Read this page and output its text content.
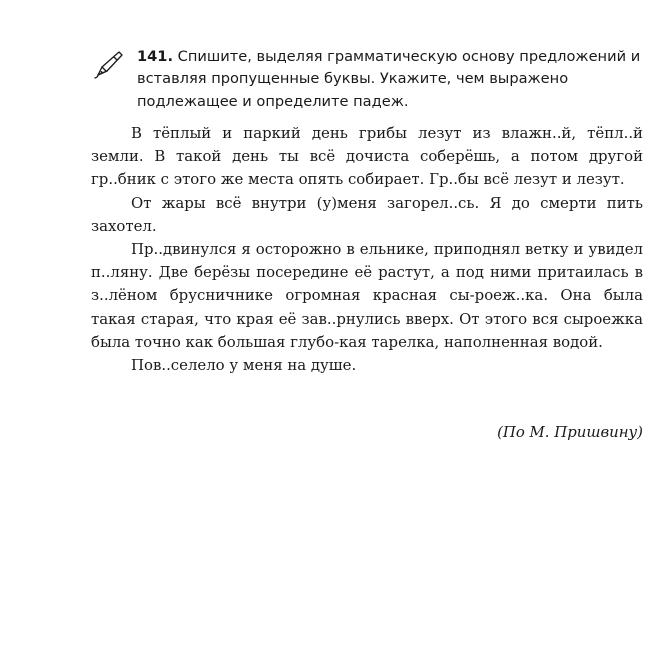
141. Спишите, выделяя грамматическую основу предложений и вставляя пропущенные буквы. Укажите, чем выражено подлежащее и определите падеж.

В тёплый и паркий день грибы лезут из влажн..й, тёпл..й земли. В такой день ты всё дочиста соберёшь, а потом другой гр..бник с этого же места опять собирает. Гр..бы всё лезут и лезут.

От жары всё внутри (у)меня загорел..сь. Я до смерти пить захотел.

Пр..двинулся я осторожно в ельнике, приподнял ветку и увидел п..ляну. Две берёзы посередине её растут, а под ними притаилась в з..лёном брусничнике огромная красная сы-роеж..ка. Она была такая старая, что края её зав..рнулись вверх. От этого вся сыроежка была точно как большая глубо-кая тарелка, наполненная водой.

Пов..селело у меня на душе.

(По М. Пришвину)
